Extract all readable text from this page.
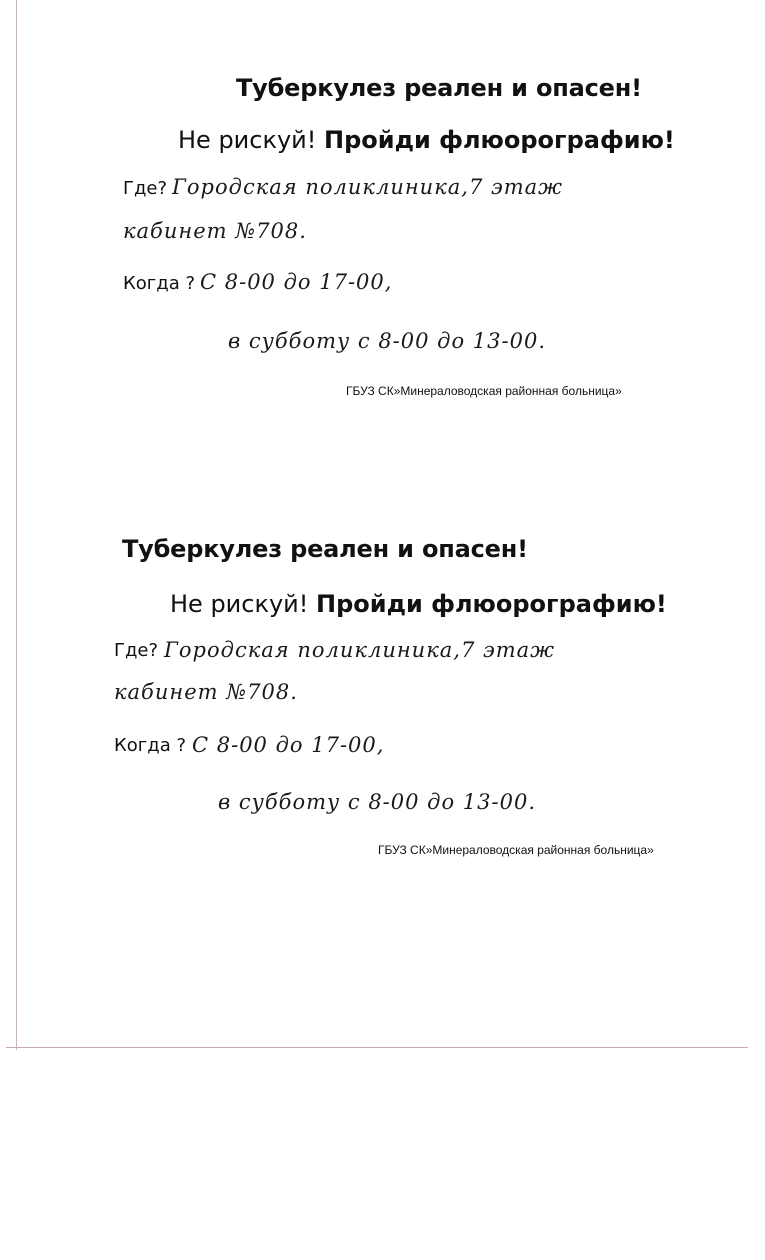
Туберкулез реален и опасен!

Не рискуй! Пройди флюорографию!

Где? Городская поликлиника,7 этаж
кабинет №708.
Когда ? С 8-00 до 17-00,
в субботу с 8-00 до 13-00.
ГБУЗ СК»Минераловодская районная больница»
Туберкулез реален и опасен!

Не рискуй! Пройди флюорографию!

Где? Городская поликлиника,7 этаж
кабинет №708.
Когда ? С 8-00 до 17-00,
в субботу с 8-00 до 13-00.
ГБУЗ СК»Минераловодская районная больница»
